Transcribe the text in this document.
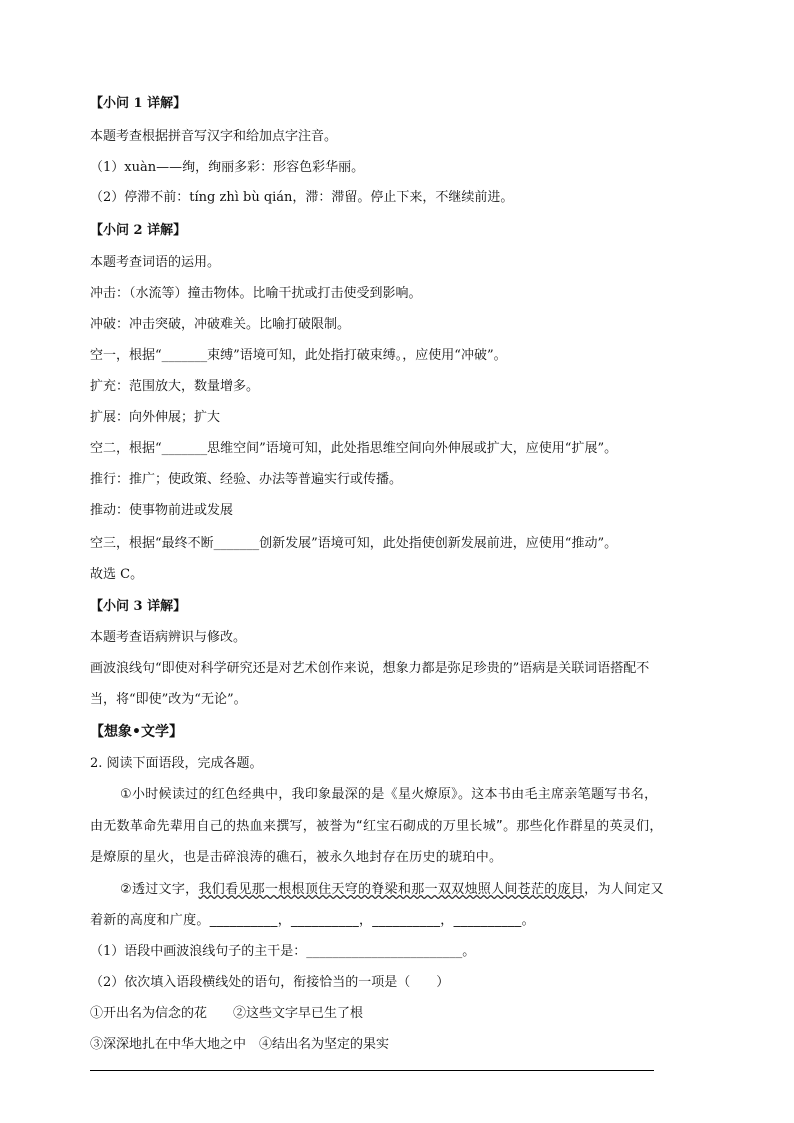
【小问 1 详解】
本题考查根据拼音写汉字和给加点字注音。
（1）xuàn——绚，绚丽多彩：形容色彩华丽。
（2）停滞不前：tíng zhì bù qián，滞：滞留。停止下来，不继续前进。
【小问 2 详解】
本题考查词语的运用。
冲击：（水流等）撞击物体。比喻干扰或打击使受到影响。
冲破：冲击突破，冲破难关。比喻打破限制。
空一，根据“_______束缚”语境可知，此处指打破束缚。，应使用“冲破”。
扩充：范围放大，数量增多。
扩展：向外伸展；扩大
空二，根据“_______思维空间”语境可知，此处指思维空间向外伸展或扩大，应使用“扩展”。
推行：推广；使政策、经验、办法等普遍实行或传播。
推动：使事物前进或发展
空三，根据“最终不断_______创新发展”语境可知，此处指使创新发展前进，应使用“推动”。
故选 C。
【小问 3 详解】
本题考查语病辨识与修改。
画波浪线句“即使对科学研究还是对艺术创作来说，想象力都是弥足珍贵的”语病是关联词语搭配不
当，将“即使”改为“无论”。
【想象•文学】
2. 阅读下面语段，完成各题。
①小时候读过的红色经典中，我印象最深的是《星火燎原》。这本书由毛主席亲笔题写书名，
由无数革命先辈用自己的热血来撰写，被誉为“红宝石砌成的万里长城”。那些化作群星的英灵们，
是燎原的星火，也是击碎浪涛的礁石，被永久地封存在历史的琥珀中。
②透过文字，我们看见那一根根顶住天穹的脊梁和那一双双烛照人间苍茫的庞目，为人间定又
着新的高度和广度。__________，__________，__________，__________。
（1）语段中画波浪线句子的主干是：________________________。
（2）依次填入语段横线处的语句，衔接恰当的一项是（　　）
①开出名为信念的花　　②这些文字早已生了根
③深深地扎在中华大地之中　④结出名为坚定的果实
